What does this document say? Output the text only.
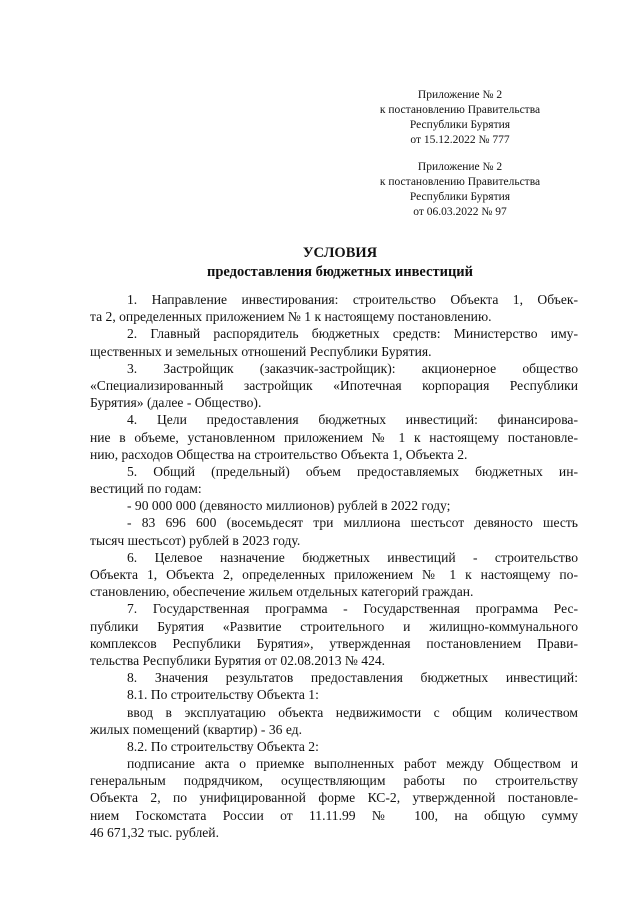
Приложение № 2
к постановлению Правительства
Республики Бурятия
от 15.12.2022 № 777
Приложение № 2
к постановлению Правительства
Республики Бурятия
от 06.03.2022 № 97
УСЛОВИЯ
предоставления бюджетных инвестиций
1. Направление инвестирования: строительство Объекта 1, Объек-
та 2, определенных приложением № 1 к настоящему постановлению.
2. Главный распорядитель бюджетных средств: Министерство иму-
щественных и земельных отношений Республики Бурятия.
3. Застройщик (заказчик-застройщик): акционерное общество
«Специализированный застройщик «Ипотечная корпорация Республики
Бурятия» (далее - Общество).
4. Цели предоставления бюджетных инвестиций: финансирова-
ние в объеме, установленном приложением № 1 к настоящему постановле-
нию, расходов Общества на строительство Объекта 1, Объекта 2.
5. Общий (предельный) объем предоставляемых бюджетных ин-
вестиций по годам:
- 90 000 000 (девяносто миллионов) рублей в 2022 году;
- 83 696 600 (восемьдесят три миллиона шестьсот девяносто шесть
тысяч шестьсот) рублей в 2023 году.
6. Целевое назначение бюджетных инвестиций - строительство
Объекта 1, Объекта 2, определенных приложением № 1 к настоящему по-
становлению, обеспечение жильем отдельных категорий граждан.
7. Государственная программа - Государственная программа Рес-
публики Бурятия «Развитие строительного и жилищно-коммунального
комплексов Республики Бурятия», утвержденная постановлением Прави-
тельства Республики Бурятия от 02.08.2013 № 424.
8. Значения результатов предоставления бюджетных инвестиций:
8.1. По строительству Объекта 1:
ввод в эксплуатацию объекта недвижимости с общим количеством
жилых помещений (квартир) - 36 ед.
8.2. По строительству Объекта 2:
подписание акта о приемке выполненных работ между Обществом и
генеральным подрядчиком, осуществляющим работы по строительству
Объекта 2, по унифицированной форме КС-2, утвержденной постановле-
нием Госкомстата России от 11.11.99 № 100, на общую сумму
46 671,32 тыс. рублей.
